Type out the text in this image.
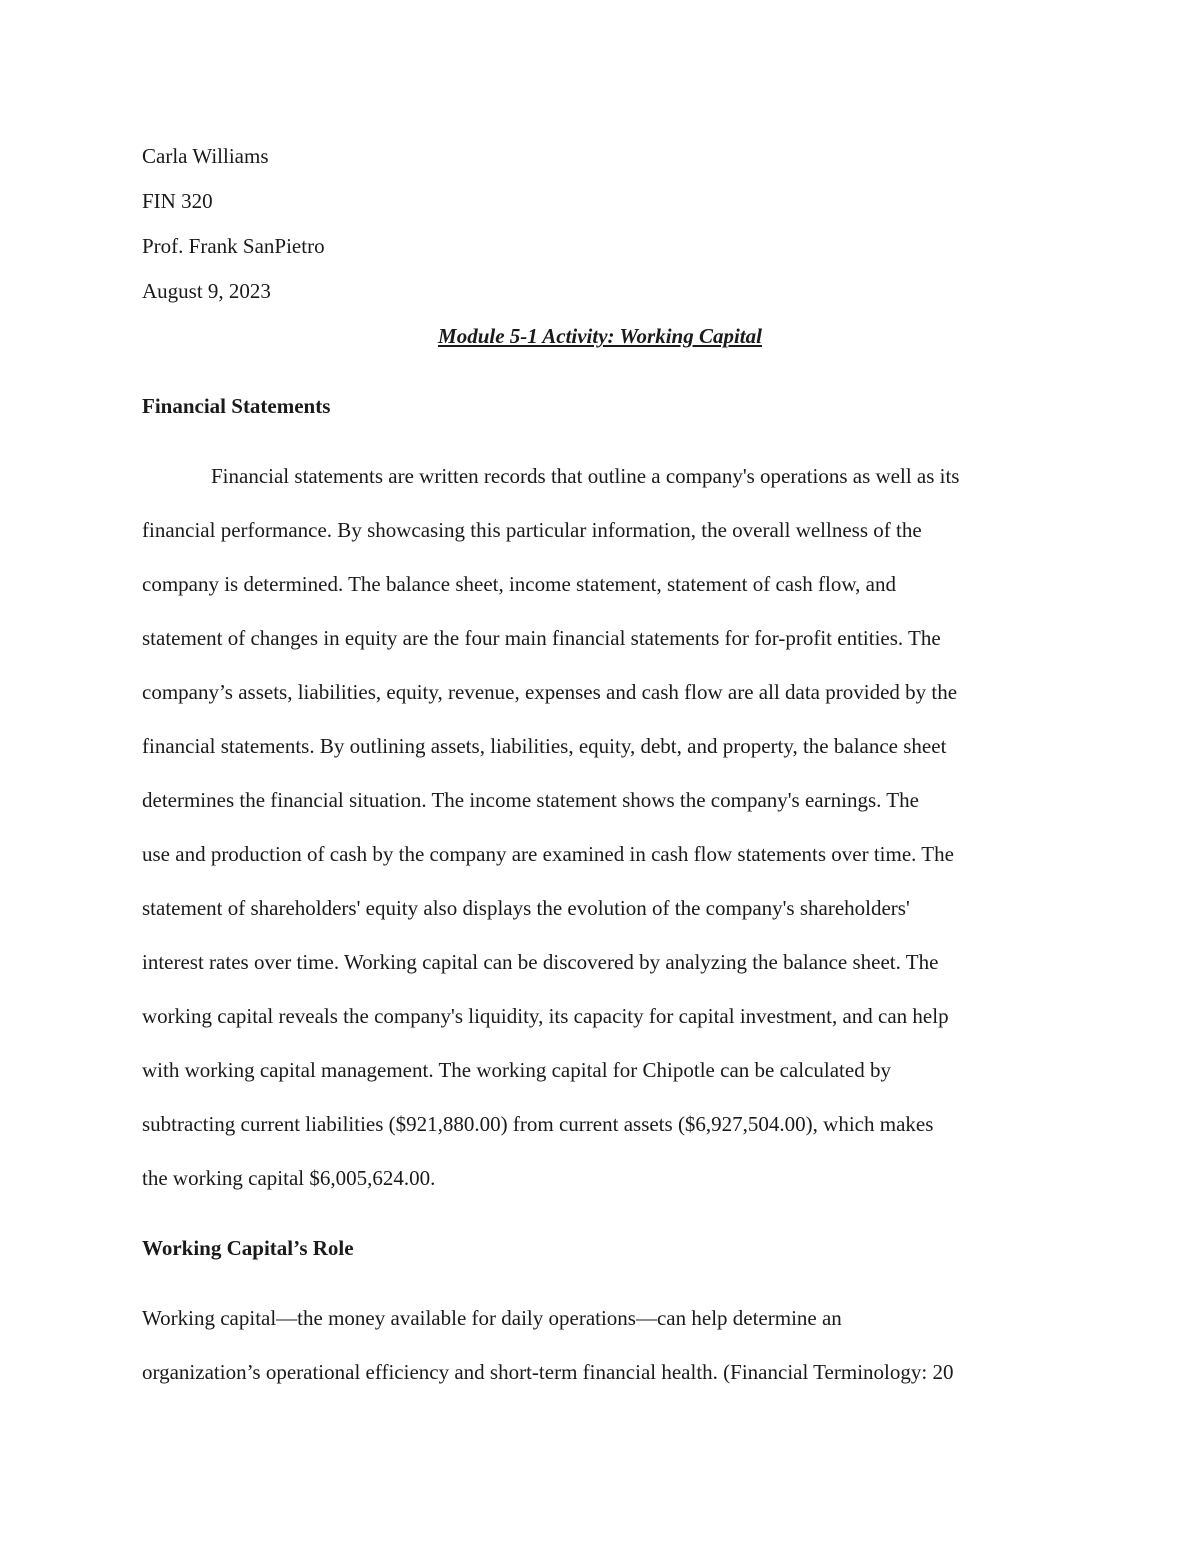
Carla Williams
FIN 320
Prof. Frank SanPietro
August 9, 2023
Module 5-1 Activity: Working Capital
Financial Statements
Financial statements are written records that outline a company's operations as well as its
financial performance. By showcasing this particular information, the overall wellness of the
company is determined. The balance sheet, income statement, statement of cash flow, and
statement of changes in equity are the four main financial statements for for-profit entities. The
company’s assets, liabilities, equity, revenue, expenses and cash flow are all data provided by the
financial statements. By outlining assets, liabilities, equity, debt, and property, the balance sheet
determines the financial situation. The income statement shows the company's earnings. The
use and production of cash by the company are examined in cash flow statements over time. The
statement of shareholders' equity also displays the evolution of the company's shareholders'
interest rates over time. Working capital can be discovered by analyzing the balance sheet. The
working capital reveals the company's liquidity, its capacity for capital investment, and can help
with working capital management. The working capital for Chipotle can be calculated by
subtracting current liabilities ($921,880.00) from current assets ($6,927,504.00), which makes
the working capital $6,005,624.00.
Working Capital’s Role
Working capital—the money available for daily operations—can help determine an
organization’s operational efficiency and short-term financial health. (Financial Terminology: 20
